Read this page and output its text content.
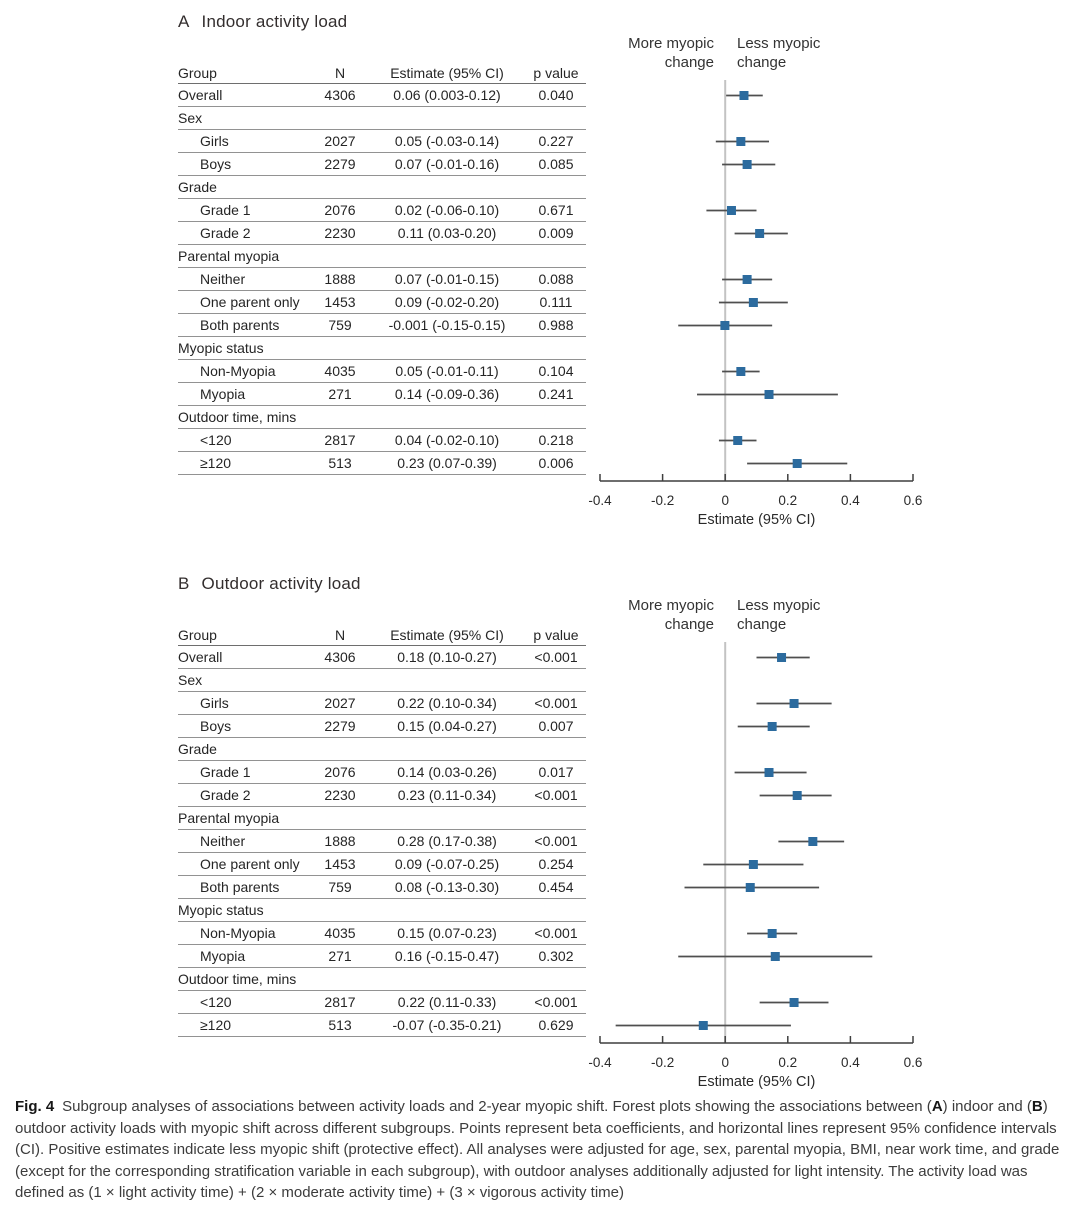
A Indoor activity load
More myopic
change
Less myopic
change
Group	N	Estimate (95% CI)	p value
Overall	4306	0.06 (0.003-0.12)	0.040
Sex
Girls	2027	0.05 (-0.03-0.14)	0.227
Boys	2279	0.07 (-0.01-0.16)	0.085
Grade
Grade 1	2076	0.02 (-0.06-0.10)	0.671
Grade 2	2230	0.11 (0.03-0.20)	0.009
Parental myopia
Neither	1888	0.07 (-0.01-0.15)	0.088
One parent only	1453	0.09 (-0.02-0.20)	0.111
Both parents	759	-0.001 (-0.15-0.15)	0.988
Myopic status
Non-Myopia	4035	0.05 (-0.01-0.11)	0.104
Myopia	271	0.14 (-0.09-0.36)	0.241
Outdoor time, mins
<120	2817	0.04 (-0.02-0.10)	0.218
≥120	513	0.23 (0.07-0.39)	0.006
-0.4	-0.2	0	0.2	0.4	0.6
Estimate (95% CI)
B Outdoor activity load
More myopic
change
Less myopic
change
Group	N	Estimate (95% CI)	p value
Overall	4306	0.18 (0.10-0.27)	<0.001
Sex
Girls	2027	0.22 (0.10-0.34)	<0.001
Boys	2279	0.15 (0.04-0.27)	0.007
Grade
Grade 1	2076	0.14 (0.03-0.26)	0.017
Grade 2	2230	0.23 (0.11-0.34)	<0.001
Parental myopia
Neither	1888	0.28 (0.17-0.38)	<0.001
One parent only	1453	0.09 (-0.07-0.25)	0.254
Both parents	759	0.08 (-0.13-0.30)	0.454
Myopic status
Non-Myopia	4035	0.15 (0.07-0.23)	<0.001
Myopia	271	0.16 (-0.15-0.47)	0.302
Outdoor time, mins
<120	2817	0.22 (0.11-0.33)	<0.001
≥120	513	-0.07 (-0.35-0.21)	0.629
-0.4	-0.2	0	0.2	0.4	0.6
Estimate (95% CI)

Fig. 4 Subgroup analyses of associations between activity loads and 2-year myopic shift. Forest plots showing the associations between (A) indoor and (B) outdoor activity loads with myopic shift across different subgroups. Points represent beta coefficients, and horizontal lines represent 95% confidence intervals (CI). Positive estimates indicate less myopic shift (protective effect). All analyses were adjusted for age, sex, parental myopia, BMI, near work time, and grade (except for the corresponding stratification variable in each subgroup), with outdoor analyses additionally adjusted for light intensity. The activity load was defined as (1 × light activity time) + (2 × moderate activity time) + (3 × vigorous activity time)
